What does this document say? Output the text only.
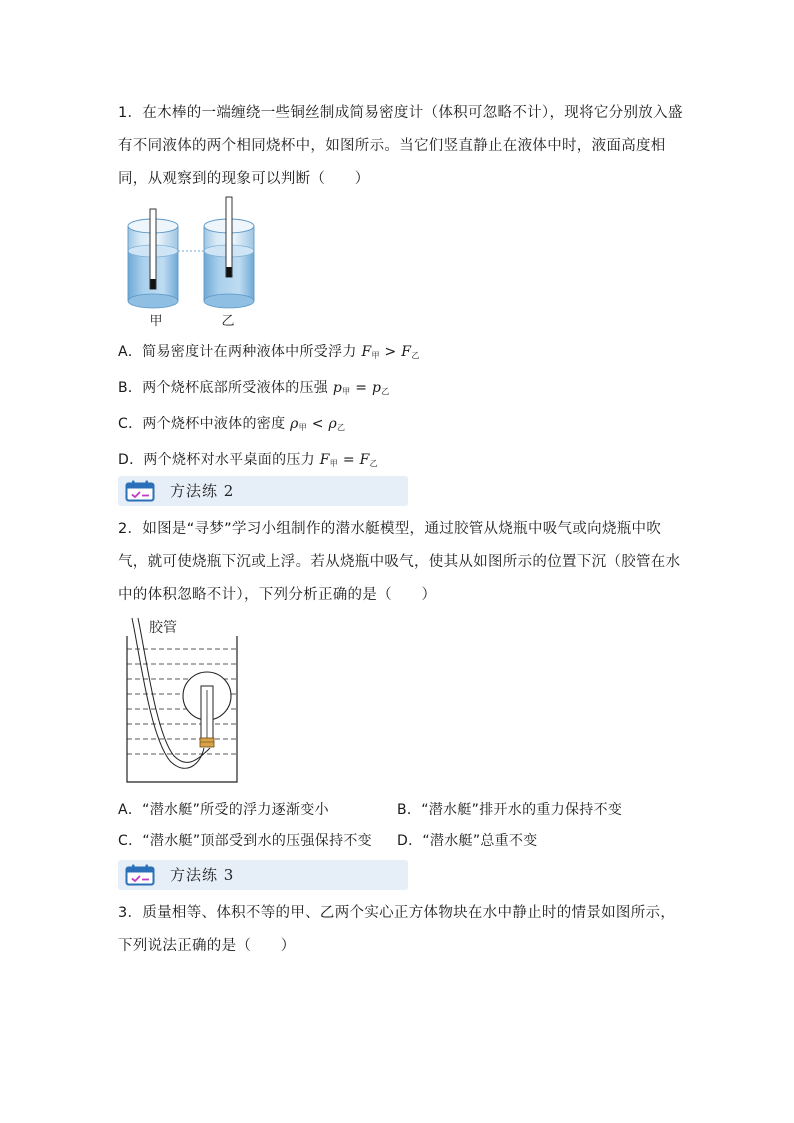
1．在木棒的一端缠绕一些铜丝制成简易密度计（体积可忽略不计），现将它分别放入盛有不同液体的两个相同烧杯中，如图所示。当它们竖直静止在液体中时，液面高度相同，从观察到的现象可以判断（　　）
甲	乙
A．简易密度计在两种液体中所受浮力 $F_甲 > F_乙$
B．两个烧杯底部所受液体的压强 $p_甲 = p_乙$
C．两个烧杯中液体的密度 $\rho_甲 < \rho_乙$
D．两个烧杯对水平桌面的压力 $F_甲 = F_乙$
方法练 2
2．如图是“寻梦”学习小组制作的潜水艇模型，通过胶管从烧瓶中吸气或向烧瓶中吹气，就可使烧瓶下沉或上浮。若从烧瓶中吸气，使其从如图所示的位置下沉（胶管在水中的体积忽略不计），下列分析正确的是（　　）
胶管
A．“潜水艇”所受的浮力逐渐变小	B．“潜水艇”排开水的重力保持不变
C．“潜水艇”顶部受到水的压强保持不变 D．“潜水艇”总重不变
方法练 3
3．质量相等、体积不等的甲、乙两个实心正方体物块在水中静止时的情景如图所示，下列说法正确的是（　　）
